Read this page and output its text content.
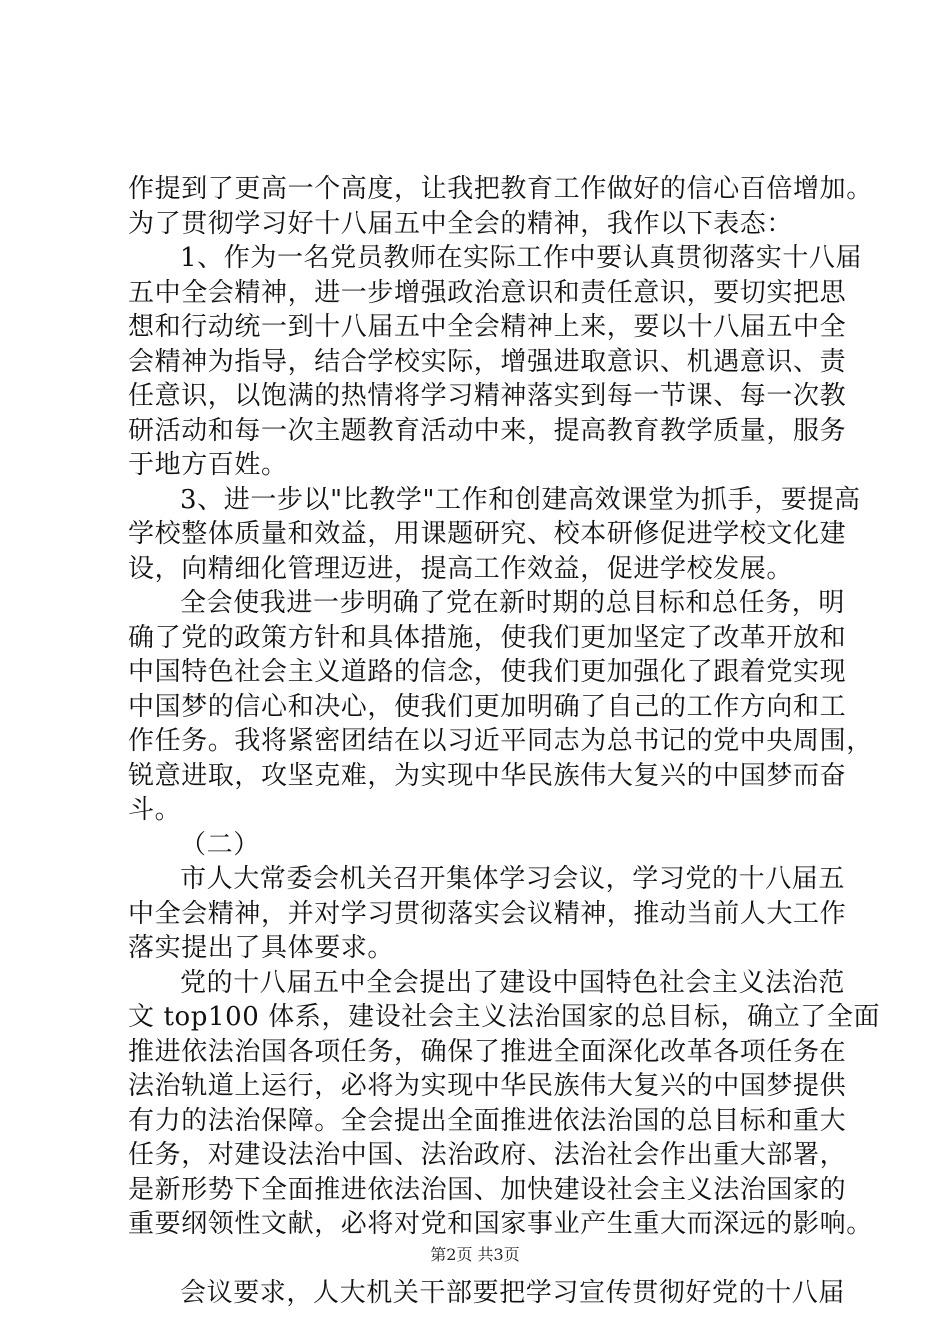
作提到了更高一个高度，让我把教育工作做好的信心百倍增加。
为了贯彻学习好十八届五中全会的精神，我作以下表态：
1、作为一名党员教师在实际工作中要认真贯彻落实十八届
五中全会精神，进一步增强政治意识和责任意识，要切实把思
想和行动统一到十八届五中全会精神上来，要以十八届五中全
会精神为指导，结合学校实际，增强进取意识、机遇意识、责
任意识，以饱满的热情将学习精神落实到每一节课、每一次教
研活动和每一次主题教育活动中来，提高教育教学质量，服务
于地方百姓。
3、进一步以"比教学"工作和创建高效课堂为抓手，要提高
学校整体质量和效益，用课题研究、校本研修促进学校文化建
设，向精细化管理迈进，提高工作效益，促进学校发展。
全会使我进一步明确了党在新时期的总目标和总任务，明
确了党的政策方针和具体措施，使我们更加坚定了改革开放和
中国特色社会主义道路的信念，使我们更加强化了跟着党实现
中国梦的信心和决心，使我们更加明确了自己的工作方向和工
作任务。我将紧密团结在以习近平同志为总书记的党中央周围，
锐意进取，攻坚克难，为实现中华民族伟大复兴的中国梦而奋
斗。
（二）
市人大常委会机关召开集体学习会议，学习党的十八届五
中全会精神，并对学习贯彻落实会议精神，推动当前人大工作
落实提出了具体要求。
党的十八届五中全会提出了建设中国特色社会主义法治范
文 top100 体系，建设社会主义法治国家的总目标，确立了全面
推进依法治国各项任务，确保了推进全面深化改革各项任务在
法治轨道上运行，必将为实现中华民族伟大复兴的中国梦提供
有力的法治保障。全会提出全面推进依法治国的总目标和重大
任务，对建设法治中国、法治政府、法治社会作出重大部署，
是新形势下全面推进依法治国、加快建设社会主义法治国家的
重要纲领性文献，必将对党和国家事业产生重大而深远的影响。
会议要求，人大机关干部要把学习宣传贯彻好党的十八届
第2页 共3页
